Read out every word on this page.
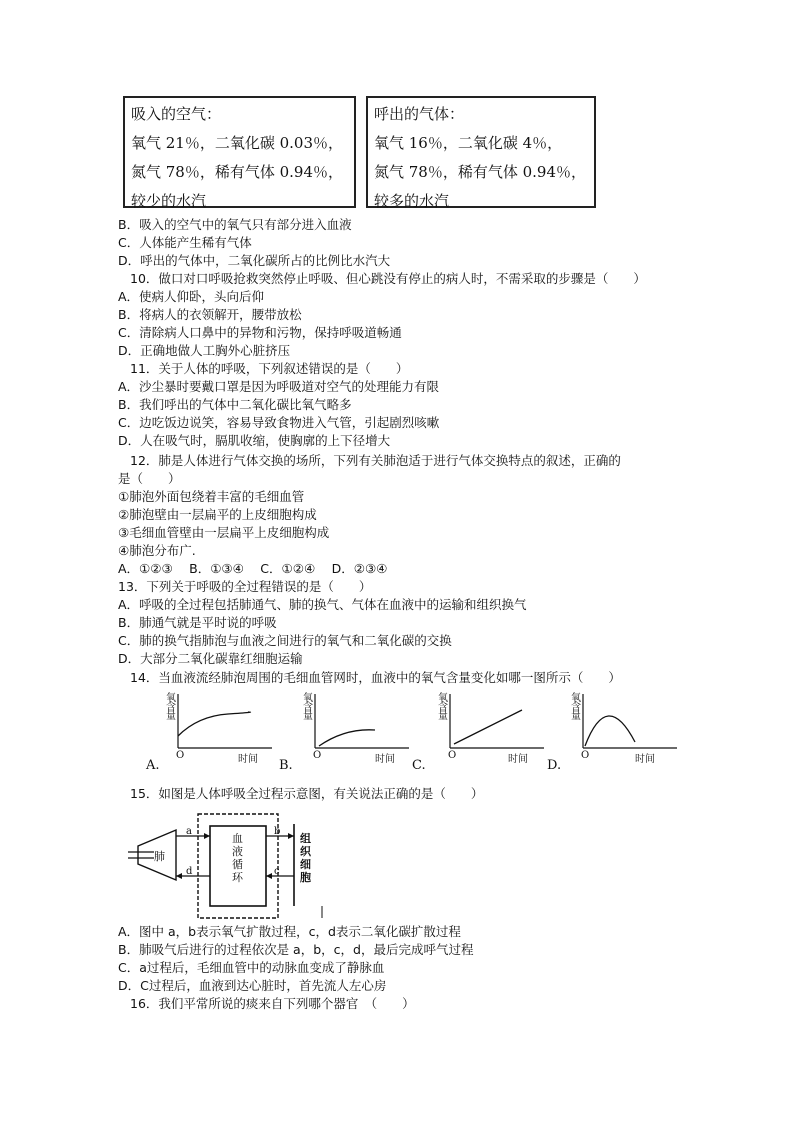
吸入的空气：
氧气 21％，二氧化碳 0.03％，
氮气 78％，稀有气体 0.94％，
较少的水汽
呼出的气体：
氧气 16％，二氧化碳 4％，
氮气 78％，稀有气体 0.94％，
较多的水汽
B．吸入的空气中的氧气只有部分进入血液
C．人体能产生稀有气体
D．呼出的气体中，二氧化碳所占的比例比水汽大
10．做口对口呼吸抢救突然停止呼吸、但心跳没有停止的病人时，不需采取的步骤是（　　）
A．使病人仰卧，头向后仰
B．将病人的衣领解开，腰带放松
C．清除病人口鼻中的异物和污物，保持呼吸道畅通
D．正确地做人工胸外心脏挤压
11．关于人体的呼吸，下列叙述错误的是（　　）
A．沙尘暴时要戴口罩是因为呼吸道对空气的处理能力有限
B．我们呼出的气体中二氧化碳比氧气略多
C．边吃饭边说笑，容易导致食物进入气管，引起剧烈咳嗽
D．人在吸气时，膈肌收缩，使胸廓的上下径增大
12．肺是人体进行气体交换的场所，下列有关肺泡适于进行气体交换特点的叙述，正确的
是（　　）
①肺泡外面包绕着丰富的毛细血管
②肺泡壁由一层扁平的上皮细胞构成
③毛细血管壁由一层扁平上皮细胞构成
④肺泡分布广.
A．①②③　 B．①③④　 C．①②④　 D．②③④
13．下列关于呼吸的全过程错误的是（　　）
A．呼吸的全过程包括肺通气、肺的换气、气体在血液中的运输和组织换气
B．肺通气就是平时说的呼吸
C．肺的换气指肺泡与血液之间进行的氧气和二氧化碳的交换
D．大部分二氧化碳靠红细胞运输
14．当血液流经肺泡周围的毛细血管网时，血液中的氧气含量变化如哪一图所示（　　）
氧含量
O	时间
氧含量
O	时间
氧含量
O	时间
氧含量
O	时间
A.	B.	C.	D.
15．如图是人体呼吸全过程示意图，有关说法正确的是（　　）
肺
a
d
b
c
血
液
循
环
组
织
细
胞
A．图中 a，b表示氧气扩散过程，c，d表示二氧化碳扩散过程
B．肺吸气后进行的过程依次是 a，b，c，d，最后完成呼气过程
C．a过程后，毛细血管中的动脉血变成了静脉血
D．C过程后，血液到达心脏时，首先流人左心房
16．我们平常所说的痰来自下列哪个器官　（　　）
